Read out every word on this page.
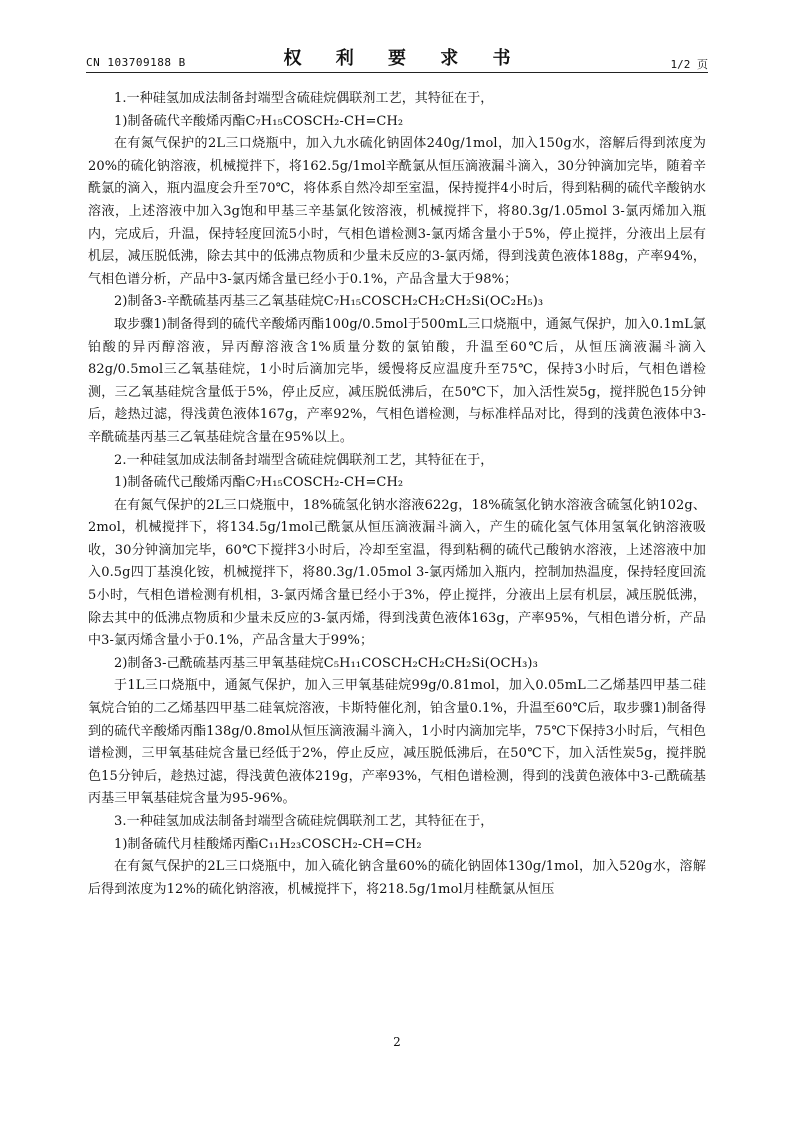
CN 103709188 B	权 利 要 求 书	1/2 页

1.一种硅氢加成法制备封端型含硫硅烷偶联剂工艺，其特征在于，

1)制备硫代辛酸烯丙酯C₇H₁₅COSCH₂-CH=CH₂

在有氮气保护的2L三口烧瓶中，加入九水硫化钠固体240g/1mol，加入150g水，溶解后得到浓度为20%的硫化钠溶液，机械搅拌下，将162.5g/1mol辛酰氯从恒压滴液漏斗滴入，30分钟滴加完毕，随着辛酰氯的滴入，瓶内温度会升至70℃，将体系自然冷却至室温，保持搅拌4小时后，得到粘稠的硫代辛酸钠水溶液，上述溶液中加入3g饱和甲基三辛基氯化铵溶液，机械搅拌下，将80.3g/1.05mol 3-氯丙烯加入瓶内，完成后，升温，保持轻度回流5小时，气相色谱检测3-氯丙烯含量小于5%，停止搅拌，分液出上层有机层，减压脱低沸，除去其中的低沸点物质和少量未反应的3-氯丙烯，得到浅黄色液体188g，产率94%，气相色谱分析，产品中3-氯丙烯含量已经小于0.1%，产品含量大于98%；

2)制备3-辛酰硫基丙基三乙氧基硅烷C₇H₁₅COSCH₂CH₂CH₂Si(OC₂H₅)₃

取步骤1)制备得到的硫代辛酸烯丙酯100g/0.5mol于500mL三口烧瓶中，通氮气保护，加入0.1mL氯铂酸的异丙醇溶液，异丙醇溶液含1%质量分数的氯铂酸，升温至60℃后，从恒压滴液漏斗滴入82g/0.5mol三乙氧基硅烷，1小时后滴加完毕，缓慢将反应温度升至75℃，保持3小时后，气相色谱检测，三乙氧基硅烷含量低于5%，停止反应，减压脱低沸后，在50℃下，加入活性炭5g，搅拌脱色15分钟后，趁热过滤，得浅黄色液体167g，产率92%，气相色谱检测，与标准样品对比，得到的浅黄色液体中3-辛酰硫基丙基三乙氧基硅烷含量在95%以上。

2.一种硅氢加成法制备封端型含硫硅烷偶联剂工艺，其特征在于，

1)制备硫代己酸烯丙酯C₇H₁₅COSCH₂-CH=CH₂

在有氮气保护的2L三口烧瓶中，18%硫氢化钠水溶液622g，18%硫氢化钠水溶液含硫氢化钠102g、2mol，机械搅拌下，将134.5g/1mol己酰氯从恒压滴液漏斗滴入，产生的硫化氢气体用氢氧化钠溶液吸收，30分钟滴加完毕，60℃下搅拌3小时后，冷却至室温，得到粘稠的硫代己酸钠水溶液，上述溶液中加入0.5g四丁基溴化铵，机械搅拌下，将80.3g/1.05mol 3-氯丙烯加入瓶内，控制加热温度，保持轻度回流5小时，气相色谱检测有机相，3-氯丙烯含量已经小于3%，停止搅拌，分液出上层有机层，减压脱低沸，除去其中的低沸点物质和少量未反应的3-氯丙烯，得到浅黄色液体163g，产率95%，气相色谱分析，产品中3-氯丙烯含量小于0.1%，产品含量大于99%；

2)制备3-己酰硫基丙基三甲氧基硅烷C₅H₁₁COSCH₂CH₂CH₂Si(OCH₃)₃

于1L三口烧瓶中，通氮气保护，加入三甲氧基硅烷99g/0.81mol，加入0.05mL二乙烯基四甲基二硅氧烷合铂的二乙烯基四甲基二硅氧烷溶液，卡斯特催化剂，铂含量0.1%，升温至60℃后，取步骤1)制备得到的硫代辛酸烯丙酯138g/0.8mol从恒压滴液漏斗滴入，1小时内滴加完毕，75℃下保持3小时后，气相色谱检测，三甲氧基硅烷含量已经低于2%，停止反应，减压脱低沸后，在50℃下，加入活性炭5g，搅拌脱色15分钟后，趁热过滤，得浅黄色液体219g，产率93%，气相色谱检测，得到的浅黄色液体中3-己酰硫基丙基三甲氧基硅烷含量为95-96%。

3.一种硅氢加成法制备封端型含硫硅烷偶联剂工艺，其特征在于，

1)制备硫代月桂酸烯丙酯C₁₁H₂₃COSCH₂-CH=CH₂

在有氮气保护的2L三口烧瓶中，加入硫化钠含量60%的硫化钠固体130g/1mol，加入520g水，溶解后得到浓度为12%的硫化钠溶液，机械搅拌下，将218.5g/1mol月桂酰氯从恒压

2
